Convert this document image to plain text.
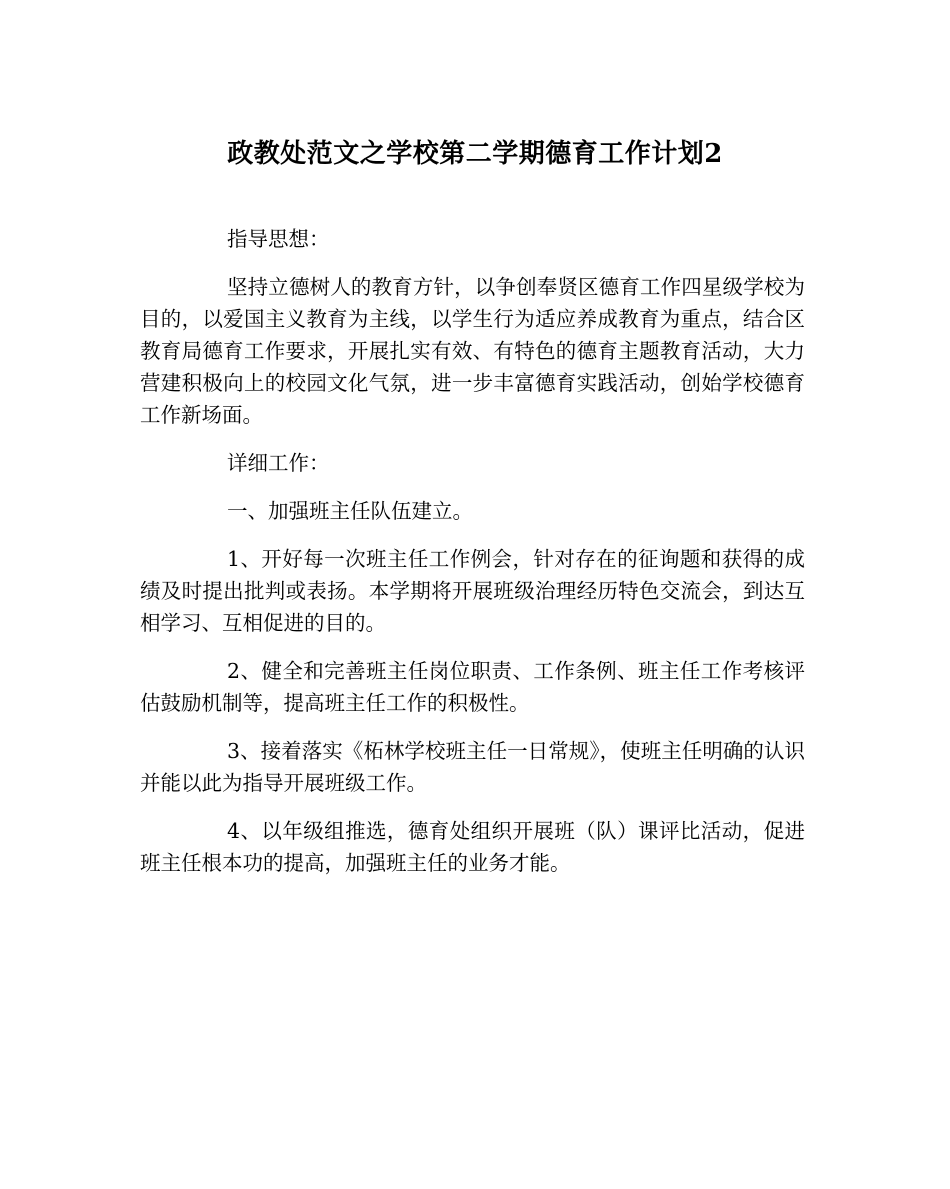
政教处范文之学校第二学期德育工作计划2

指导思想：

坚持立德树人的教育方针，以争创奉贤区德育工作四星级学校为目的，以爱国主义教育为主线，以学生行为适应养成教育为重点，结合区教育局德育工作要求，开展扎实有效、有特色的德育主题教育活动，大力营建积极向上的校园文化气氛，进一步丰富德育实践活动，创始学校德育工作新场面。

详细工作：

一、加强班主任队伍建立。

1、开好每一次班主任工作例会，针对存在的征询题和获得的成绩及时提出批判或表扬。本学期将开展班级治理经历特色交流会，到达互相学习、互相促进的目的。

2、健全和完善班主任岗位职责、工作条例、班主任工作考核评估鼓励机制等，提高班主任工作的积极性。

3、接着落实《柘林学校班主任一日常规》，使班主任明确的认识并能以此为指导开展班级工作。

4、以年级组推选，德育处组织开展班（队）课评比活动，促进班主任根本功的提高，加强班主任的业务才能。
